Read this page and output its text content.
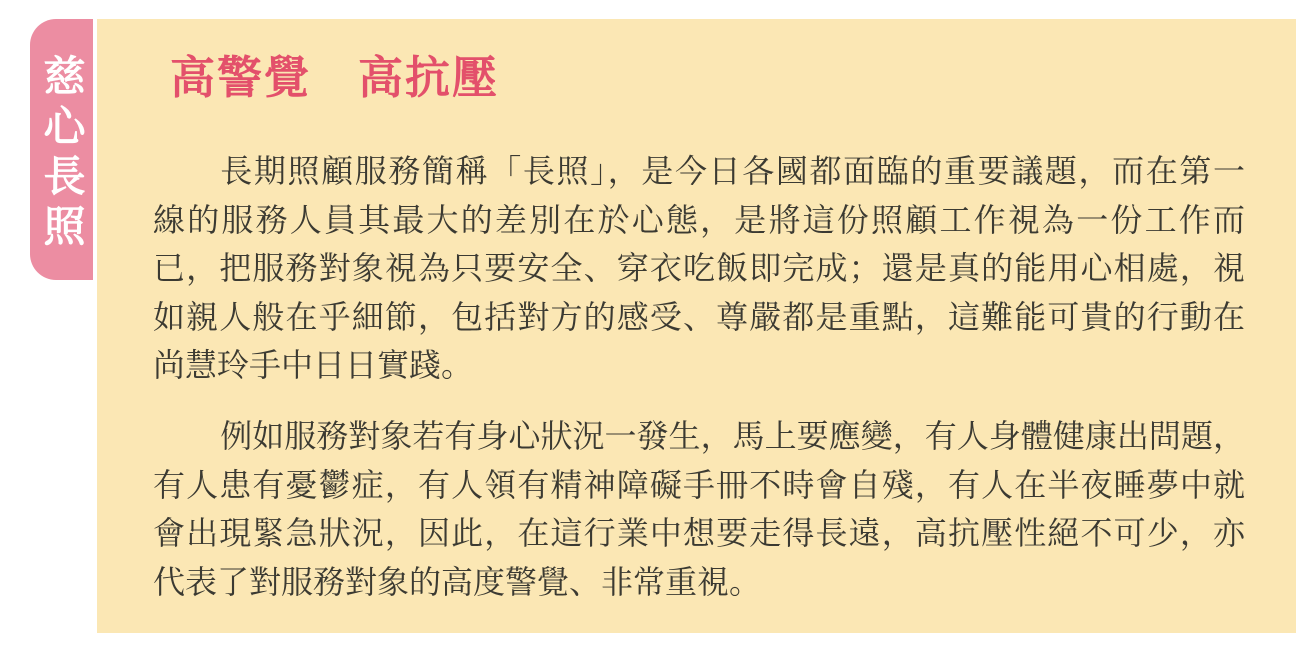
慈心長照 高警覺　高抗壓
長期照顧服務簡稱「長照」，是今日各國都面臨的重要議題，而在第一
線的服務人員其最大的差別在於心態，是將這份照顧工作視為一份工作而
已，把服務對象視為只要安全、穿衣吃飯即完成；還是真的能用心相處，視
如親人般在乎細節，包括對方的感受、尊嚴都是重點，這難能可貴的行動在
尚慧玲手中日日實踐。
例如服務對象若有身心狀況一發生，馬上要應變，有人身體健康出問題，
有人患有憂鬱症，有人領有精神障礙手冊不時會自殘，有人在半夜睡夢中就
會出現緊急狀況，因此，在這行業中想要走得長遠，高抗壓性絕不可少，亦
代表了對服務對象的高度警覺、非常重視。
